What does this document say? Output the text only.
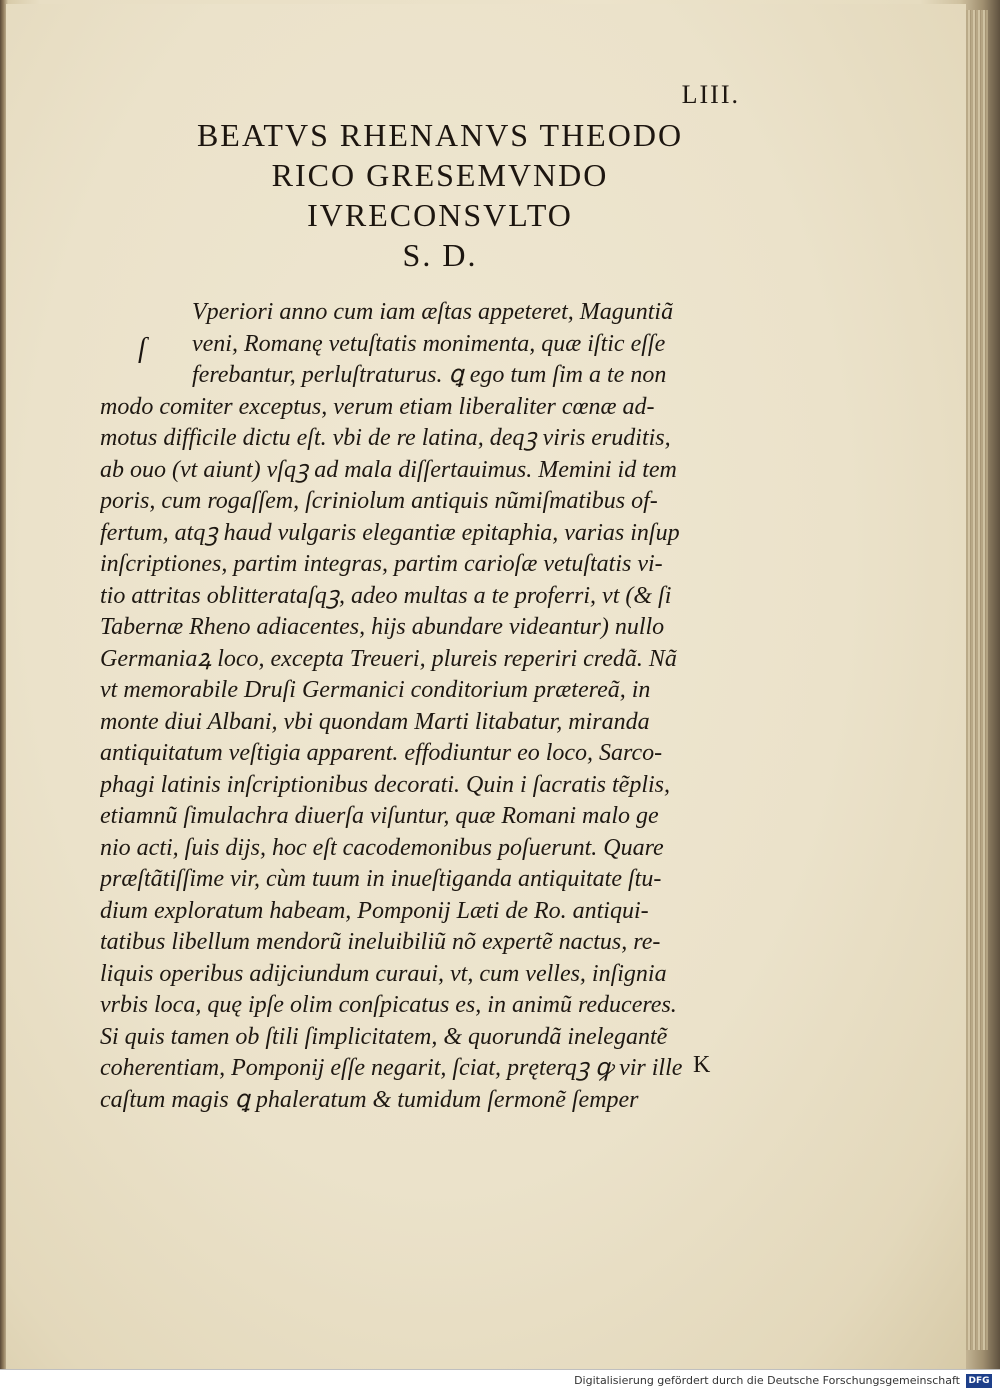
LIII.
BEATVS RHENANVS THEODO
RICO GRESEMVNDO
IVRECONSVLTO
S. D.
ſ
Vperiori anno cum iam æſtas appeteret, Maguntiã
veni, Romanę vetuſtatis monimenta, quæ iſtic eſſe
ferebantur, perluſtraturus. ꝗ ego tum ſim a te non
modo comiter exceptus, verum etiam liberaliter cœnæ ad-
motus difficile dictu eſt. vbi de re latina, deqꝫ viris eruditis,
ab ouo (vt aiunt) vſqꝫ ad mala diſſertauimus. Memini id tem
poris, cum rogaſſem, ſcriniolum antiquis nũmiſmatibus of-
fertum, atqꝫ haud vulgaris elegantiæ epitaphia, varias inſup
inſcriptiones, partim integras, partim carioſæ vetuſtatis vi-
tio attritas oblitterataſqꝫ, adeo multas a te proferri, vt (& ſi
Tabernæ Rheno adiacentes, hijs abundare videantur) nullo
Germaniaꝝ loco, excepta Treueri, plureis reperiri credã. Nã
vt memorabile Druſi Germanici conditorium prætereã, in
monte diui Albani, vbi quondam Marti litabatur, miranda
antiquitatum veſtigia apparent. effodiuntur eo loco, Sarco-
phagi latinis inſcriptionibus decorati. Quin i ſacratis tẽplis,
etiamnũ ſimulachra diuerſa viſuntur, quæ Romani malo ge
nio acti, ſuis dijs, hoc eſt cacodemonibus poſuerunt. Quare
præſtãtiſſime vir, cùm tuum in inueſtiganda antiquitate ſtu-
dium exploratum habeam, Pomponij Læti de Ro. antiqui-
tatibus libellum mendorũ ineluibiliũ nõ expertẽ nactus, re-
liquis operibus adijciundum curaui, vt, cum velles, inſignia
vrbis loca, quę ipſe olim conſpicatus es, in animũ reduceres.
Si quis tamen ob ſtili ſimplicitatem, & quorundã inelegantẽ
coherentiam, Pomponij eſſe negarit, ſciat, pręterqꝫ ꝙ vir ille
caſtum magis ꝗ phaleratum & tumidum ſermonẽ ſemper
K
Digitalisierung gefördert durch die Deutsche Forschungsgemeinschaft DFG
